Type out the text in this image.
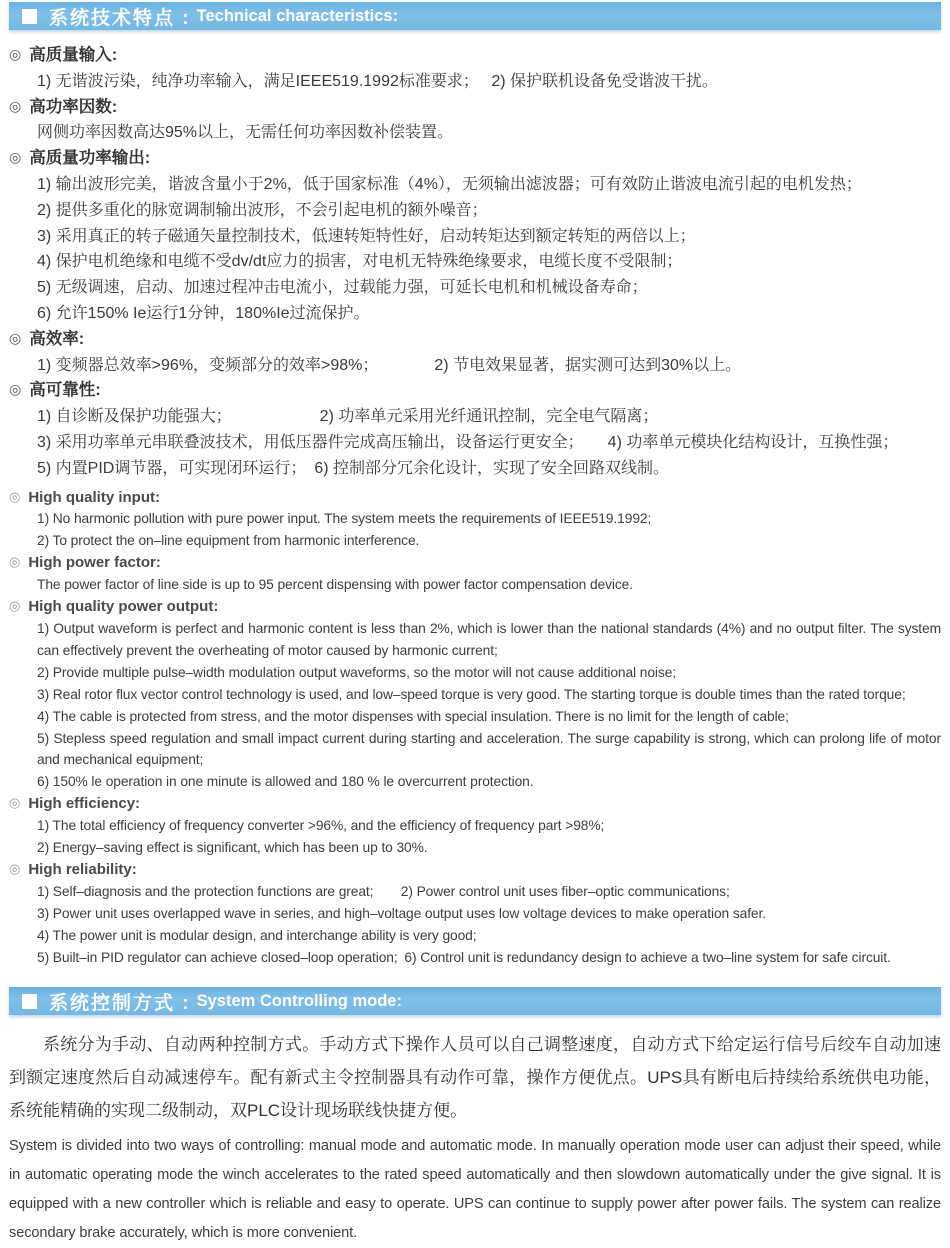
系统技术特点 : Technical characteristics:
◎ 高质量输入:
1) 无谐波污染，纯净功率输入，满足IEEE519.1992标准要求；　 2) 保护联机设备免受谐波干扰。
◎ 高功率因数:
网侧功率因数高达95%以上，无需任何功率因数补偿装置。
◎ 高质量功率输出:
1) 输出波形完美，谐波含量小于2%，低于国家标准（4%），无须输出滤波器；可有效防止谐波电流引起的电机发热；
2) 提供多重化的脉宽调制输出波形，不会引起电机的额外噪音；
3) 采用真正的转子磁通矢量控制技术，低速转矩特性好，启动转矩达到额定转矩的两倍以上；
4) 保护电机绝缘和电缆不受dv/dt应力的损害，对电机无特殊绝缘要求，电缆长度不受限制；
5) 无级调速，启动、加速过程冲击电流小，过载能力强，可延长电机和机械设备寿命；
6) 允许150% Ie运行1分钟，180%Ie过流保护。
◎ 高效率:
1) 变频器总效率>96%，变频部分的效率>98%；　　　　2) 节电效果显著，据实测可达到30%以上。
◎ 高可靠性:
1) 自诊断及保护功能强大；　　　　　　2) 功率单元采用光纤通讯控制，完全电气隔离；
3) 采用功率单元串联叠波技术，用低压器件完成高压输出，设备运行更安全；　　4) 功率单元模块化结构设计，互换性强；
5) 内置PID调节器，可实现闭环运行；　6) 控制部分冗余化设计，实现了安全回路双线制。
◎ High quality input:
1) No harmonic pollution with pure power input. The system meets the requirements of IEEE519.1992;
2) To protect the on–line equipment from harmonic interference.
◎ High power factor:
The power factor of line side is up to 95 percent dispensing with power factor compensation device.
◎ High quality power output:
1) Output waveform is perfect and harmonic content is less than 2%, which is lower than the national standards (4%) and no output filter. The system can effectively prevent the overheating of motor caused by harmonic current;
2) Provide multiple pulse–width modulation output waveforms, so the motor will not cause additional noise;
3) Real rotor flux vector control technology is used, and low–speed torque is very good. The starting torque is double times than the rated torque;
4) The cable is protected from stress, and the motor dispenses with special insulation. There is no limit for the length of cable;
5) Stepless speed regulation and small impact current during starting and acceleration. The surge capability is strong, which can prolong life of motor and mechanical equipment;
6) 150% le operation in one minute is allowed and 180 % le overcurrent protection.
◎ High efficiency:
1) The total efficiency of frequency converter >96%, and the efficiency of frequency part >98%;
2) Energy–saving effect is significant, which has been up to 30%.
◎ High reliability:
1) Self–diagnosis and the protection functions are great;  2) Power control unit uses fiber–optic communications;
3) Power unit uses overlapped wave in series, and high–voltage output uses low voltage devices to make operation safer.
4) The power unit is modular design, and interchange ability is very good;
5) Built–in PID regulator can achieve closed–loop operation; 6) Control unit is redundancy design to achieve a two–line system for safe circuit.
系统控制方式 : System Controlling mode:

系统分为手动、自动两种控制方式。手动方式下操作人员可以自己调整速度，自动方式下给定运行信号后绞车自动加速到额定速度然后自动减速停车。配有新式主令控制器具有动作可靠，操作方便优点。UPS具有断电后持续给系统供电功能，系统能精确的实现二级制动，双PLC设计现场联线快捷方便。

System is divided into two ways of controlling: manual mode and automatic mode. In manually operation mode user can adjust their speed, while in automatic operating mode the winch accelerates to the rated speed automatically and then slowdown automatically under the give signal. It is equipped with a new controller which is reliable and easy to operate. UPS can continue to supply power after power fails. The system can realize secondary brake accurately, which is more convenient.
